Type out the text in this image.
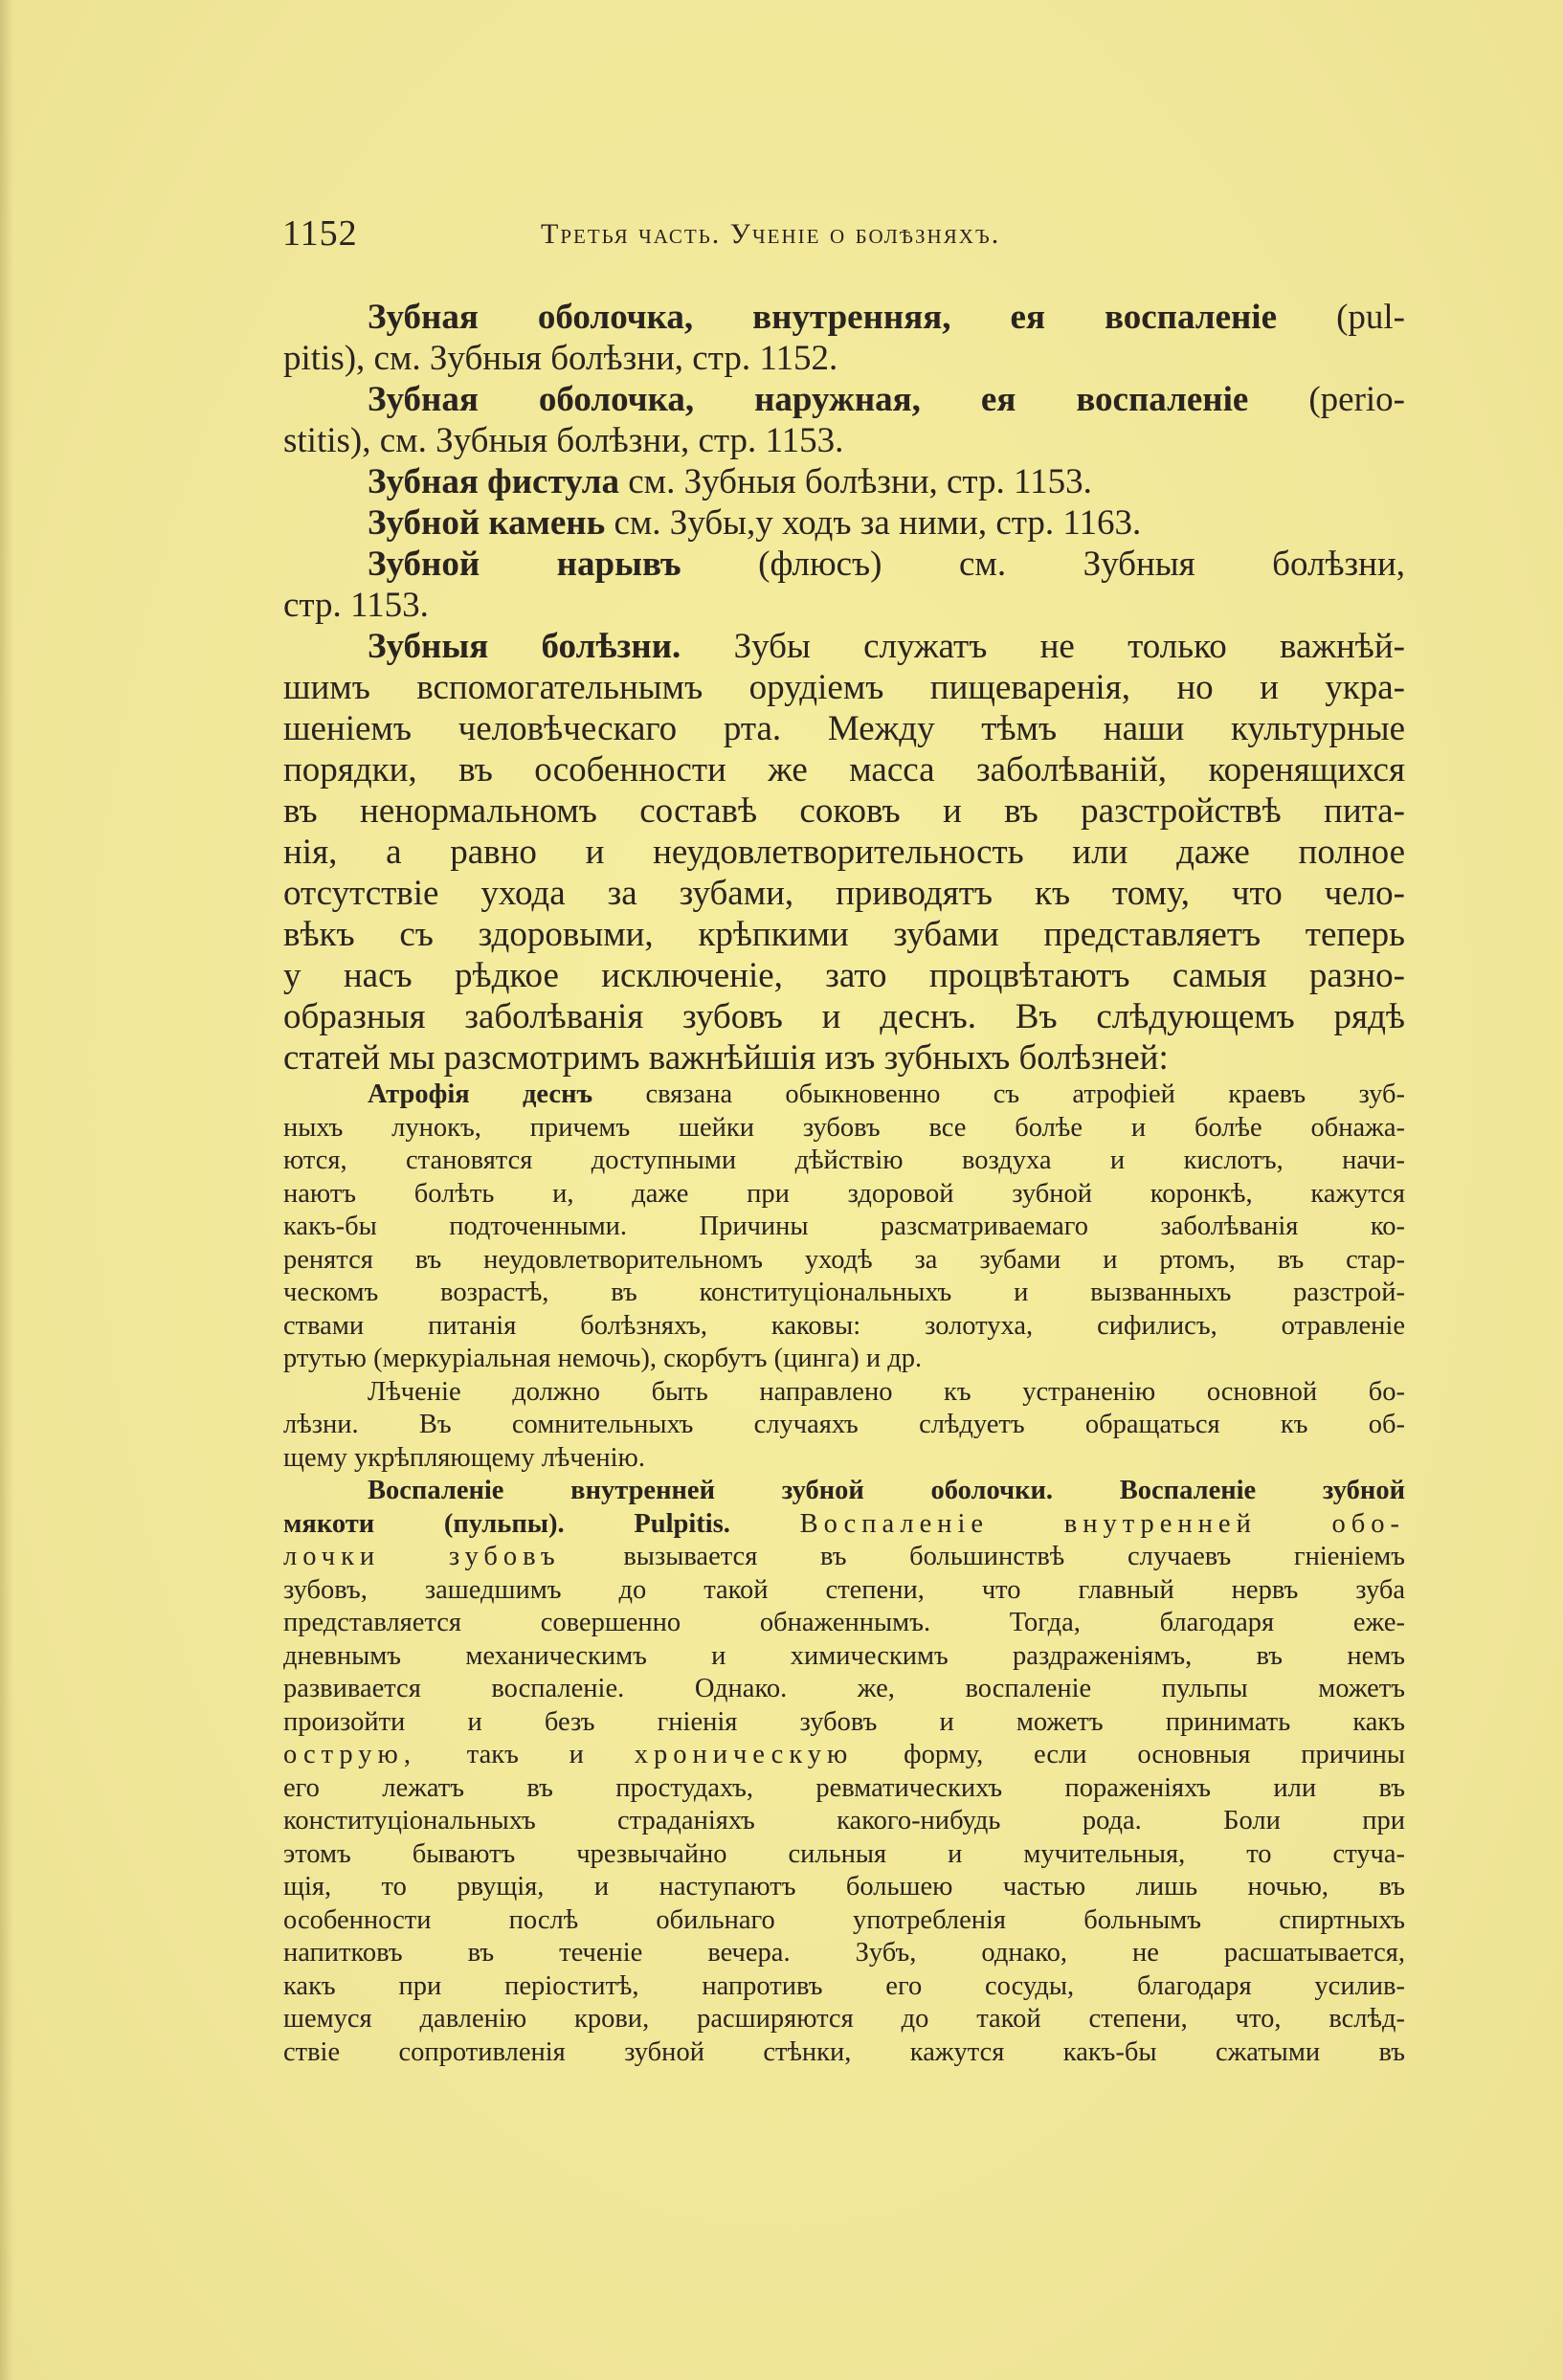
1152	Третья часть. Ученіе о болѣзняхъ.
Зубная оболочка, внутренняя, ея воспаленіе (pul-
pitis), см. Зубныя болѣзни, стр. 1152.
Зубная оболочка, наружная, ея воспаленіе (perio-
stitis), см. Зубныя болѣзни, стр. 1153.
Зубная фистула см. Зубныя болѣзни, стр. 1153.
Зубной камень см. Зубы,у ходъ за ними, стр. 1163.
Зубной нарывъ (флюсъ) см. Зубныя болѣзни,
стр. 1153.
Зубныя болѣзни. Зубы служатъ не только важнѣй-
шимъ вспомогательнымъ орудіемъ пищеваренія, но и укра-
шеніемъ человѣческаго рта. Между тѣмъ наши культурные
порядки, въ особенности же масса заболѣваній, коренящихся
въ ненормальномъ составѣ соковъ и въ разстройствѣ пита-
нія, а равно и неудовлетворительность или даже полное
отсутствіе ухода за зубами, приводятъ къ тому, что чело-
вѣкъ съ здоровыми, крѣпкими зубами представляетъ теперь
у насъ рѣдкое исключеніе, зато процвѣтаютъ самыя разно-
образныя заболѣванія зубовъ и деснъ. Въ слѣдующемъ рядѣ
статей мы разсмотримъ важнѣйшія изъ зубныхъ болѣзней:
Атрофія деснъ связана обыкновенно съ атрофіей краевъ зуб-
ныхъ лунокъ, причемъ шейки зубовъ все болѣе и болѣе обнажа-
ются, становятся доступными дѣйствію воздуха и кислотъ, начи-
наютъ болѣть и, даже при здоровой зубной коронкѣ, кажутся
какъ-бы подточенными. Причины разсматриваемаго заболѣванія ко-
ренятся въ неудовлетворительномъ уходѣ за зубами и ртомъ, въ стар-
ческомъ возрастѣ, въ конституціональныхъ и вызванныхъ разстрой-
ствами питанія болѣзняхъ, каковы: золотуха, сифилисъ, отравленіе
ртутью (меркуріальная немочь), скорбутъ (цинга) и др.
Лѣченіе должно быть направлено къ устраненію основной бо-
лѣзни. Въ сомнительныхъ случаяхъ слѣдуетъ обращаться къ об-
щему укрѣпляющему лѣченію.
Воспаленіе внутренней зубной оболочки. Воспаленіе зубной
мякоти (пульпы). Pulpitis.	Воспаленіе внутренней обо-
лочки зубовъ вызывается въ большинствѣ случаевъ гніеніемъ
зубовъ, зашедшимъ до такой степени, что главный нервъ зуба
представляется совершенно обнаженнымъ. Тогда, благодаря еже-
дневнымъ механическимъ и химическимъ раздраженіямъ, въ немъ
развивается воспаленіе. Однако. же, воспаленіе пульпы можетъ
произойти и безъ гніенія зубовъ и можетъ принимать какъ
острую, такъ и хроническую форму, если основныя причины
его лежатъ въ простудахъ, ревматическихъ пораженіяхъ или въ
конституціональныхъ страданіяхъ какого-нибудь рода. Боли при
этомъ бываютъ чрезвычайно сильныя и мучительныя, то стуча-
щія, то рвущія, и наступаютъ большею частью лишь ночью, въ
особенности послѣ обильнаго употребленія больнымъ спиртныхъ
напитковъ въ теченіе вечера. Зубъ, однако, не расшатывается,
какъ при періоститѣ, напротивъ его сосуды, благодаря усилив-
шемуся давленію крови, расширяются до такой степени, что, вслѣд-
ствіе сопротивленія зубной стѣнки, кажутся какъ-бы сжатыми въ
